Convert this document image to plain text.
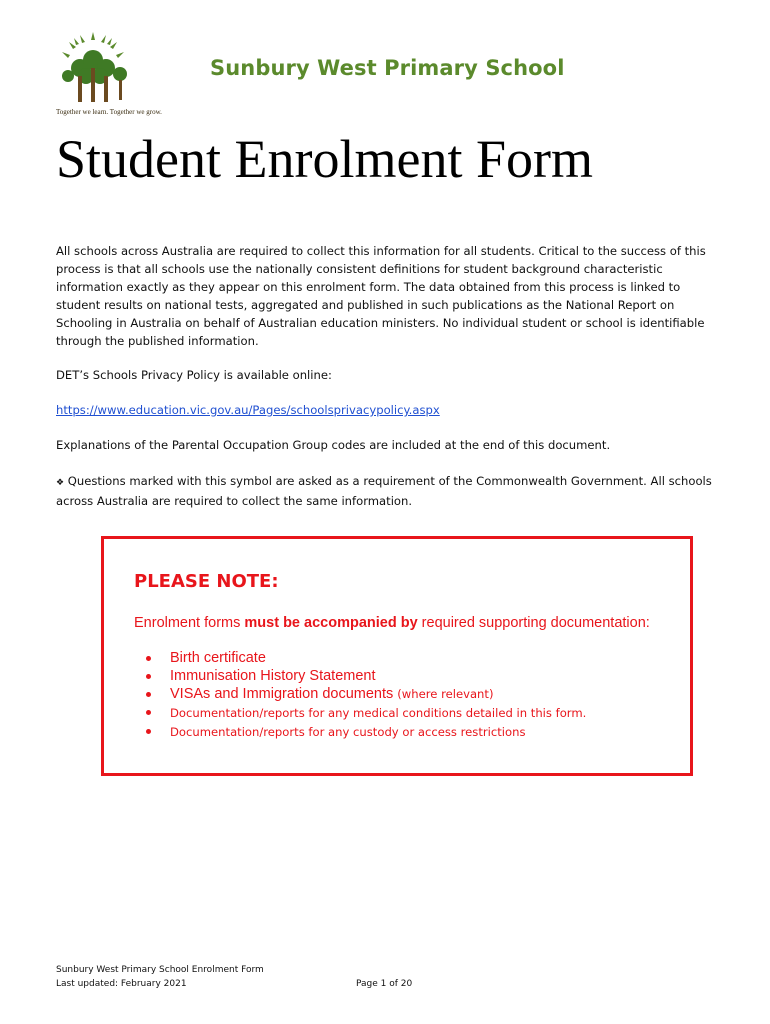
Together we learn. Together we grow.
Sunbury West Primary School
Student Enrolment Form

All schools across Australia are required to collect this information for all students. Critical to the success of this process is that all schools use the nationally consistent definitions for student background characteristic information exactly as they appear on this enrolment form. The data obtained from this process is linked to student results on national tests, aggregated and published in such publications as the National Report on Schooling in Australia on behalf of Australian education ministers. No individual student or school is identifiable through the published information.

DET’s Schools Privacy Policy is available online:

https://www.education.vic.gov.au/Pages/schoolsprivacypolicy.aspx

Explanations of the Parental Occupation Group codes are included at the end of this document.

❖ Questions marked with this symbol are asked as a requirement of the Commonwealth Government. All schools across Australia are required to collect the same information.

PLEASE NOTE:
Enrolment forms must be accompanied by required supporting documentation:
Birth certificate
Immunisation History Statement
VISAs and Immigration documents (where relevant)
Documentation/reports for any medical conditions detailed in this form.
Documentation/reports for any custody or access restrictions
Sunbury West Primary School Enrolment Form
Last updated: February 2021	Page 1 of 20
